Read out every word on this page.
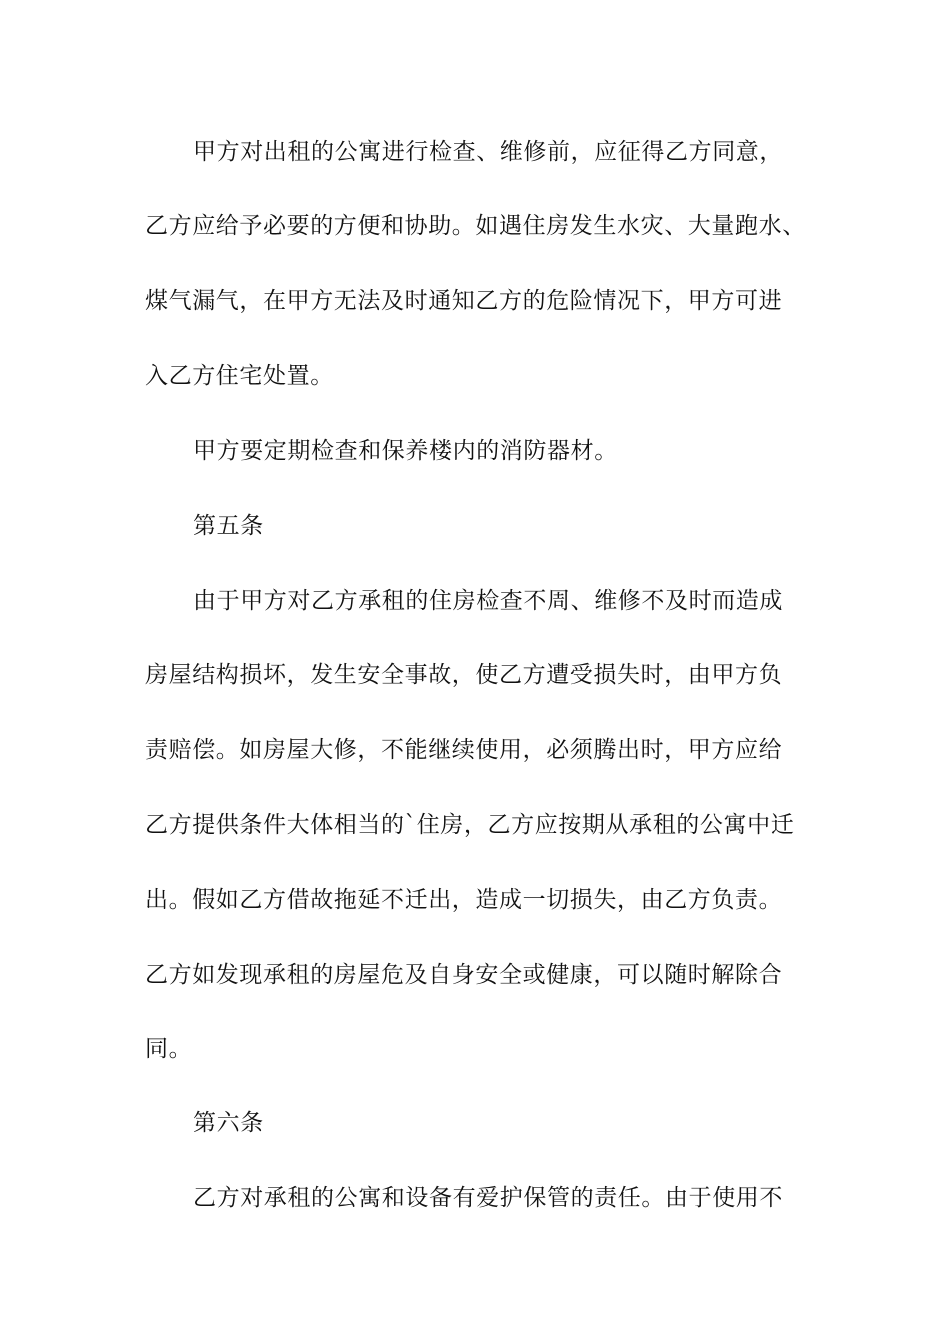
甲方对出租的公寓进行检查、维修前，应征得乙方同意，
乙方应给予必要的方便和协助。如遇住房发生水灾、大量跑水、
煤气漏气，在甲方无法及时通知乙方的危险情况下，甲方可进
入乙方住宅处置。
甲方要定期检查和保养楼内的消防器材。
第五条
由于甲方对乙方承租的住房检查不周、维修不及时而造成
房屋结构损坏，发生安全事故，使乙方遭受损失时，由甲方负
责赔偿。如房屋大修，不能继续使用，必须腾出时，甲方应给
乙方提供条件大体相当的`住房，乙方应按期从承租的公寓中迁
出。假如乙方借故拖延不迁出，造成一切损失，由乙方负责。
乙方如发现承租的房屋危及自身安全或健康，可以随时解除合
同。
第六条
乙方对承租的公寓和设备有爱护保管的责任。由于使用不
